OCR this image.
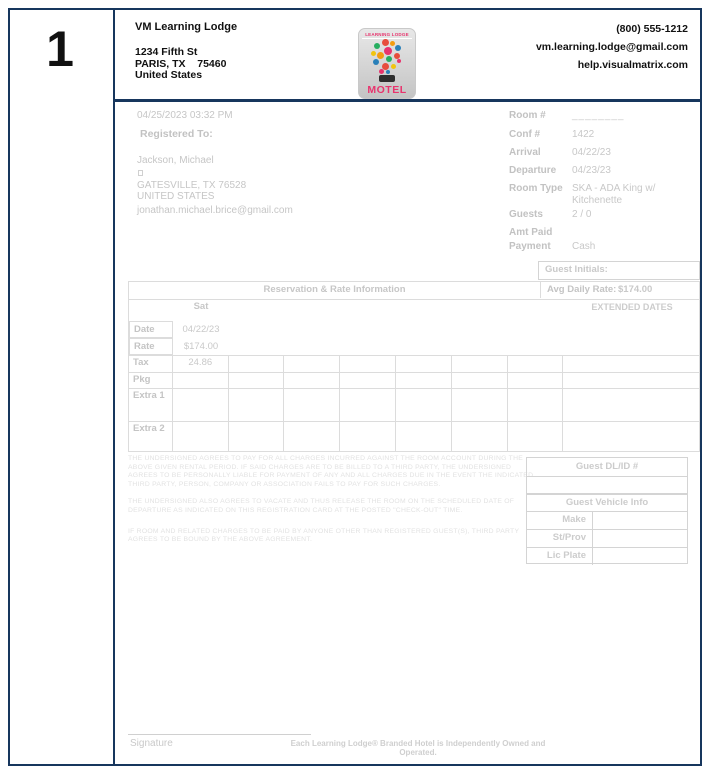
1	VM Learning Lodge
1234 Fifth St
PARIS, TX    75460
United States
(800) 555-1212
vm.learning.lodge@gmail.com
help.visualmatrix.com
LEARNING LODGE
MOTEL
04/25/2023 03:32 PM
Registered To:
Jackson, Michael
GATESVILLE, TX 76528
UNITED STATES
jonathan.michael.brice@gmail.com
Room #	________
Conf #	1422
Arrival	04/22/23
Departure	04/23/23
Room Type SKA - ADA King w/ Kitchenette
Guests	2 / 0
Amt Paid
Payment	Cash
Guest Initials:
Reservation & Rate Information	Avg Daily Rate: $174.00
Sat	EXTENDED DATES
Date	04/22/23
Rate	$174.00
Tax	24.86
Pkg
Extra 1
Extra 2

THE UNDERSIGNED AGREES TO PAY FOR ALL CHARGES INCURRED AGAINST THE ROOM ACCOUNT DURING THE ABOVE GIVEN RENTAL PERIOD. IF SAID CHARGES ARE TO BE BILLED TO A THIRD PARTY, THE UNDERSIGNED AGREES TO BE PERSONALLY LIABLE FOR PAYMENT OF ANY AND ALL CHARGES DUE IN THE EVENT THE INDICATED THIRD PARTY, PERSON, COMPANY OR ASSOCIATION FAILS TO PAY FOR SUCH CHARGES.

THE UNDERSIGNED ALSO AGREES TO VACATE AND THUS RELEASE THE ROOM ON THE SCHEDULED DATE OF DEPARTURE AS INDICATED ON THIS REGISTRATION CARD AT THE POSTED "CHECK-OUT" TIME.

IF ROOM AND RELATED CHARGES TO BE PAID BY ANYONE OTHER THAN REGISTERED GUEST(S), THIRD PARTY AGREES TO BE BOUND BY THE ABOVE AGREEMENT.

Guest DL/ID #
Guest Vehicle Info
Make
St/Prov
Lic Plate
Signature	Each Learning Lodge® Branded Hotel is Independently Owned and Operated.
